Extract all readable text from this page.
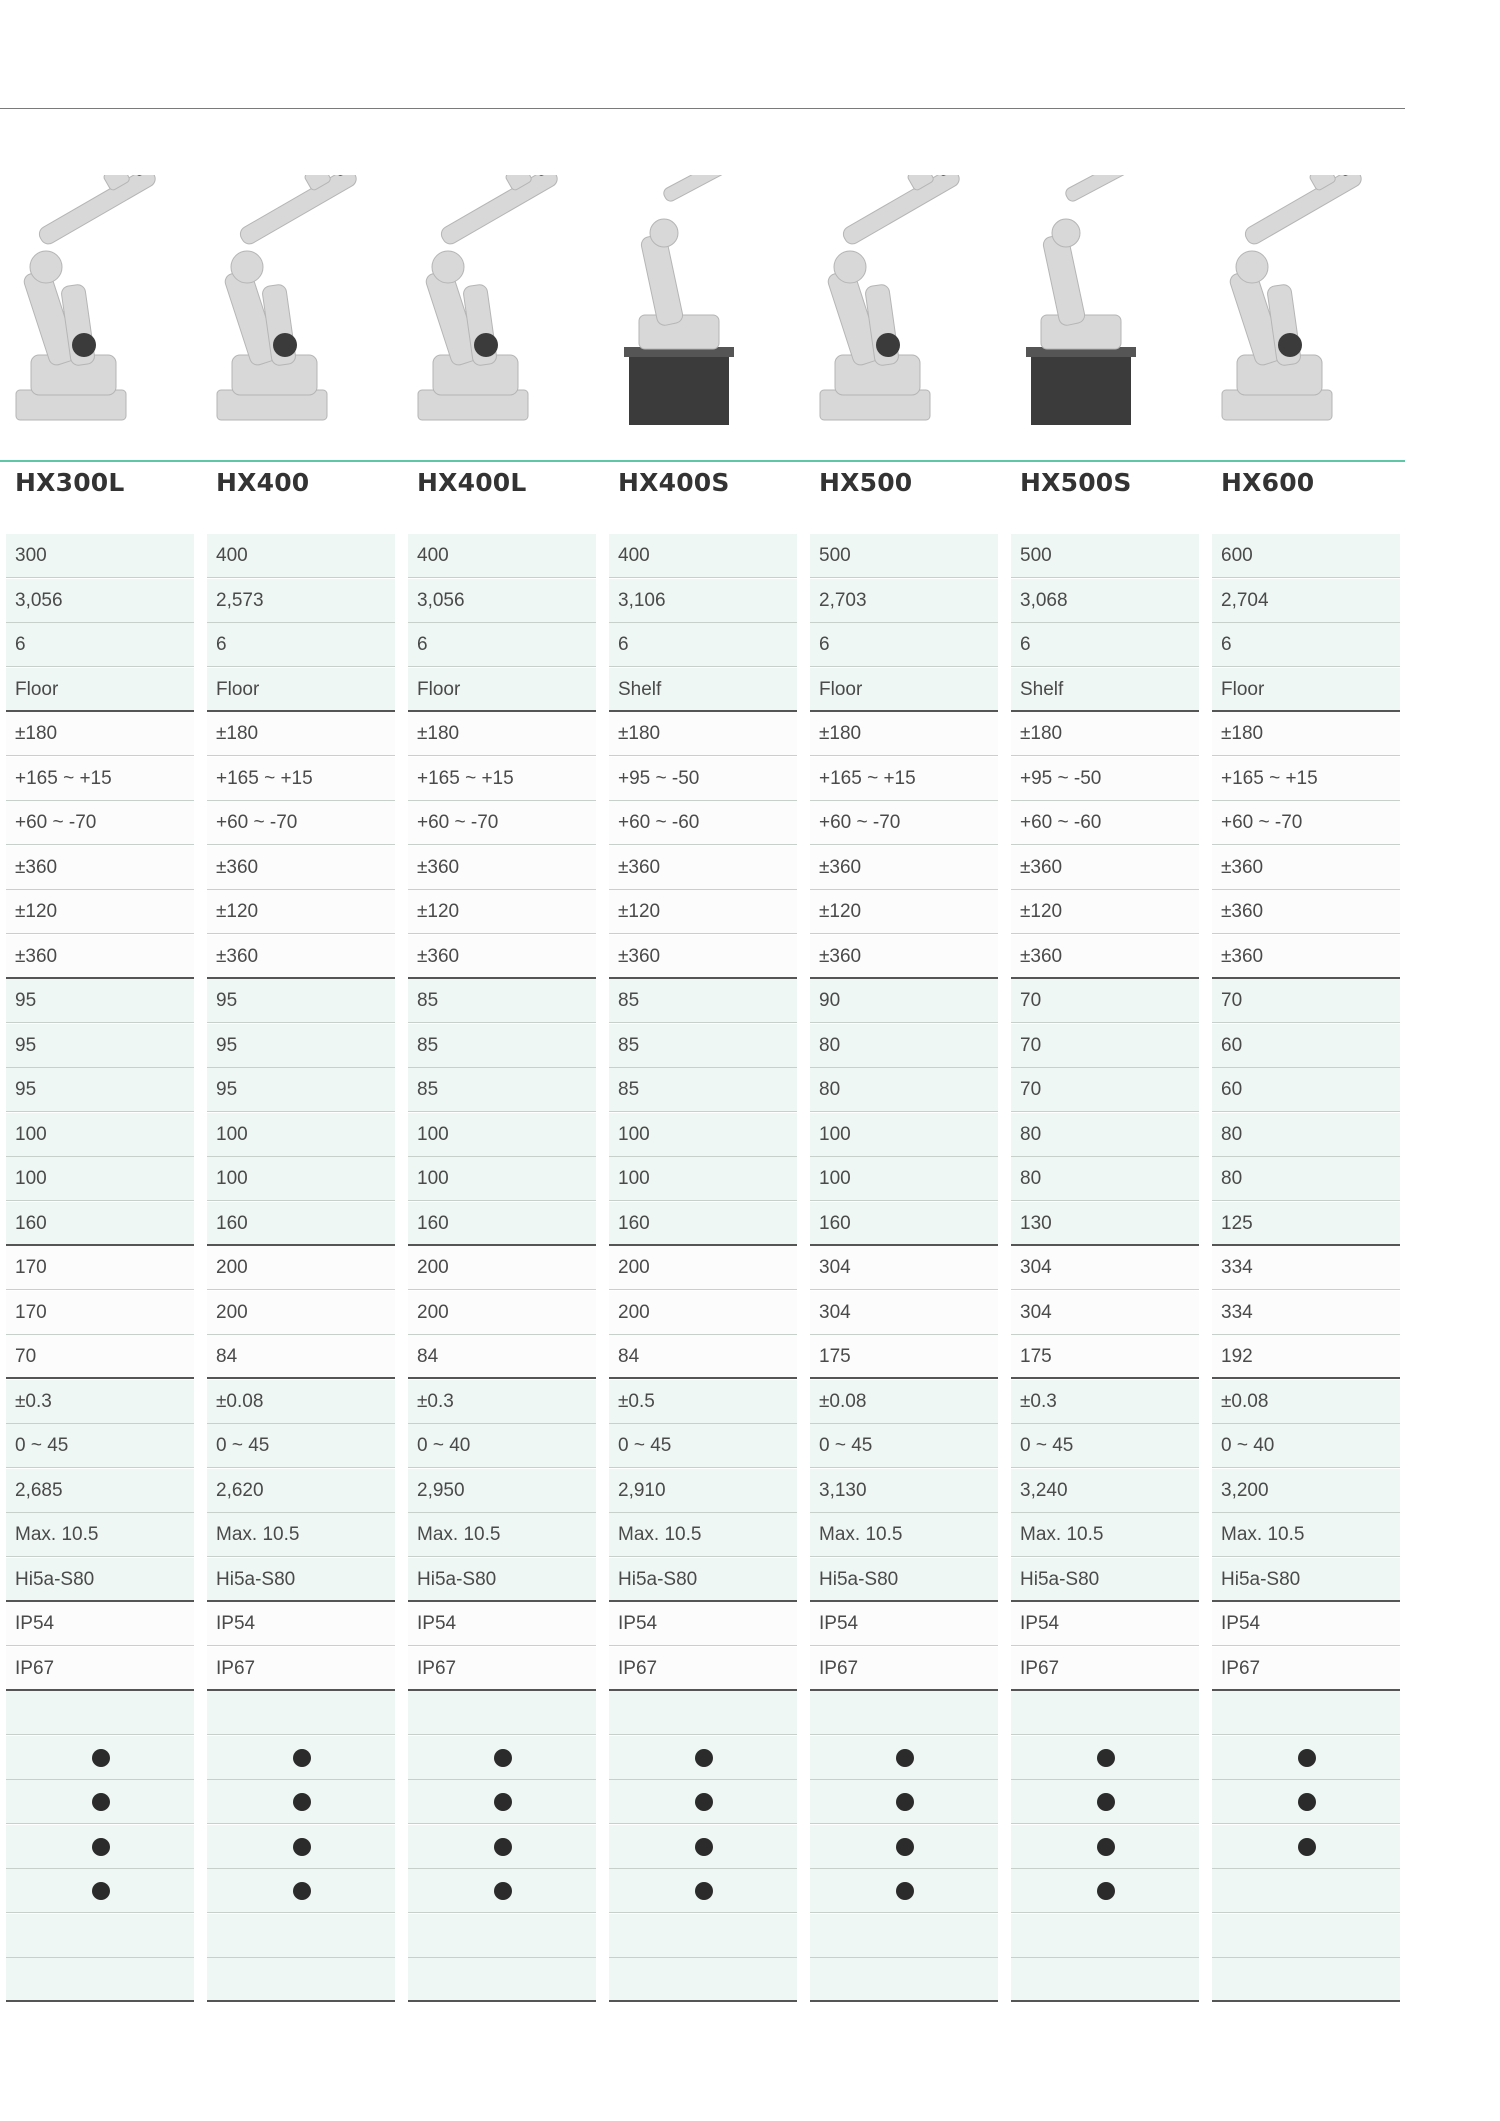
HX300L
300
3,056
6
Floor
±180
+165 ~ +15
+60 ~ -70
±360
±120
±360
95
95
95
100
100
160
170
170
70
±0.3
0 ~ 45
2,685
Max. 10.5
Hi5a-S80
IP54
IP67
HX400
400
2,573
6
Floor
±180
+165 ~ +15
+60 ~ -70
±360
±120
±360
95
95
95
100
100
160
200
200
84
±0.08
0 ~ 45
2,620
Max. 10.5
Hi5a-S80
IP54
IP67
HX400L
400
3,056
6
Floor
±180
+165 ~ +15
+60 ~ -70
±360
±120
±360
85
85
85
100
100
160
200
200
84
±0.3
0 ~ 40
2,950
Max. 10.5
Hi5a-S80
IP54
IP67
HX400S
400
3,106
6
Shelf
±180
+95 ~ -50
+60 ~ -60
±360
±120
±360
85
85
85
100
100
160
200
200
84
±0.5
0 ~ 45
2,910
Max. 10.5
Hi5a-S80
IP54
IP67
HX500
500
2,703
6
Floor
±180
+165 ~ +15
+60 ~ -70
±360
±120
±360
90
80
80
100
100
160
304
304
175
±0.08
0 ~ 45
3,130
Max. 10.5
Hi5a-S80
IP54
IP67
HX500S
500
3,068
6
Shelf
±180
+95 ~ -50
+60 ~ -60
±360
±120
±360
70
70
70
80
80
130
304
304
175
±0.3
0 ~ 45
3,240
Max. 10.5
Hi5a-S80
IP54
IP67
HX600
600
2,704
6
Floor
±180
+165 ~ +15
+60 ~ -70
±360
±360
±360
70
60
60
80
80
125
334
334
192
±0.08
0 ~ 40
3,200
Max. 10.5
Hi5a-S80
IP54
IP67
